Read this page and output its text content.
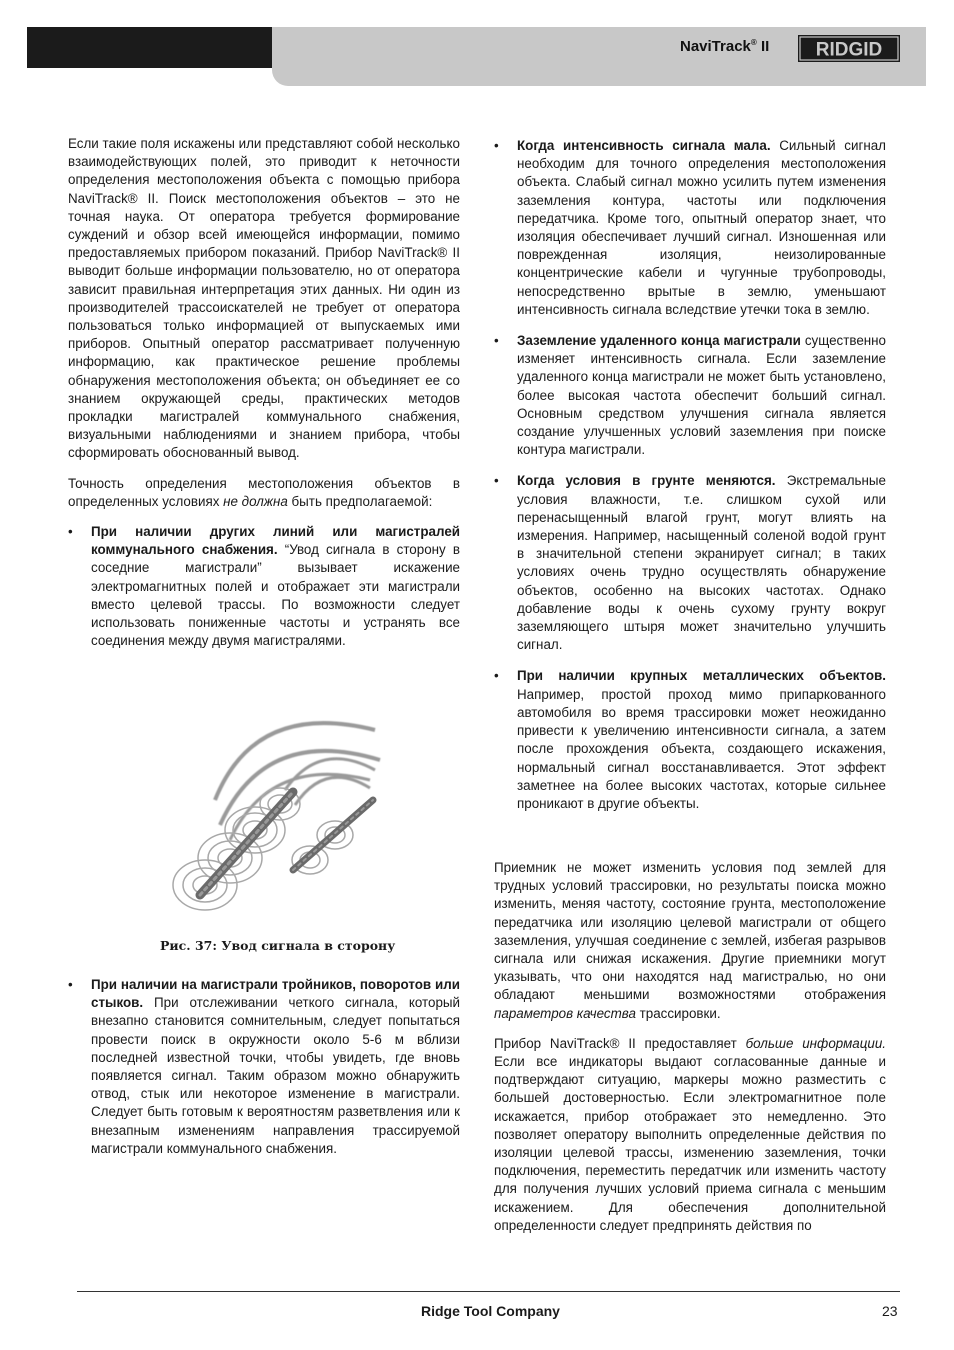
NaviTrack® II RIDGID

Если такие поля искажены или представляют собой несколько взаимодействующих полей, это приводит к неточности определения местоположения объекта с помощью прибора NaviTrack® II. Поиск местоположения объектов – это не точная наука. От оператора требуется формирование суждений и обзор всей имеющейся информации, помимо предоставляемых прибором показаний. Прибор NaviTrack® II выводит больше информации пользователю, но от оператора зависит правильная интерпретация этих данных. Ни один из производителей трассоискателей не требует от оператора пользоваться только информацией от выпускаемых ими приборов. Опытный оператор рассматривает полученную информацию, как практическое решение проблемы обнаружения местоположения объекта; он объединяет ее со знанием окружающей среды, практических методов прокладки магистралей коммунального снабжения, визуальными наблюдениями и знанием прибора, чтобы сформировать обоснованный вывод.

Точность определения местоположения объектов в определенных условиях не должна быть предполагаемой:

• При наличии других линий или магистралей коммунального снабжения. “Увод сигнала в сторону в соседние магистрали” вызывает искажение электромагнитных полей и отображает эти магистрали вместо целевой трассы. По возможности следует использовать пониженные частоты и устранять все соединения между двумя магистралями.
Рис. 37: Увод сигнала в сторону
• При наличии на магистрали тройников, поворотов или стыков. При отслеживании четкого сигнала, который внезапно становится сомнительным, следует попытаться провести поиск в окружности около 5-6 м вблизи последней известной точки, чтобы увидеть, где вновь появляется сигнал. Таким образом можно обнаружить отвод, стык или некоторое изменение в магистрали. Следует быть готовым к вероятностям разветвления или к внезапным изменениям направления трассируемой магистрали коммунального снабжения.
• Когда интенсивность сигнала мала. Сильный сигнал необходим для точного определения местоположения объекта. Слабый сигнал можно усилить путем изменения заземления контура, частоты или подключения передатчика. Кроме того, опытный оператор знает, что изоляция обеспечивает лучший сигнал. Изношенная или поврежденная изоляция, неизолированные концентрические кабели и чугунные трубопроводы, непосредственно врытые в землю, уменьшают интенсивность сигнала вследствие утечки тока в землю.
• Заземление удаленного конца магистрали существенно изменяет интенсивность сигнала. Если заземление удаленного конца магистрали не может быть установлено, более высокая частота обеспечит больший сигнал. Основным средством улучшения сигнала является создание улучшенных условий заземления при поиске контура магистрали.
• Когда условия в грунте меняются. Экстремальные условия влажности, т.е. слишком сухой или перенасыщенный влагой грунт, могут влиять на измерения. Например, насыщенный соленой водой грунт в значительной степени экранирует сигнал; в таких условиях очень трудно осуществлять обнаружение объектов, особенно на высоких частотах. Однако добавление воды к очень сухому грунту вокруг заземляющего штыря может значительно улучшить сигнал.
• При наличии крупных металлических объектов. Например, простой проход мимо припаркованного автомобиля во время трассировки может неожиданно привести к увеличению интенсивности сигнала, а затем после прохождения объекта, создающего искажения, нормальный сигнал восстанавливается. Этот эффект заметнее на более высоких частотах, которые сильнее проникают в другие объекты.

Приемник не может изменить условия под землей для трудных условий трассировки, но результаты поиска можно изменить, меняя частоту, состояние грунта, местоположение передатчика или изоляцию целевой магистрали от общего заземления, улучшая соединение с землей, избегая разрывов сигнала или снижая искажения. Другие приемники могут указывать, что они находятся над магистралью, но они обладают меньшими возможностями отображения параметров качества трассировки.

Прибор NaviTrack® II предоставляет больше информации. Если все индикаторы выдают согласованные данные и подтверждают ситуацию, маркеры можно разместить с большей достоверностью. Если электромагнитное поле искажается, прибор отображает это немедленно. Это позволяет оператору выполнить определенные действия по изоляции целевой трассы, изменению заземления, точки подключения, переместить передатчик или изменить частоту для получения лучших условий приема сигнала с меньшим искажением. Для обеспечения дополнительной определенности следует предпринять действия по

Ridge Tool Company	23
